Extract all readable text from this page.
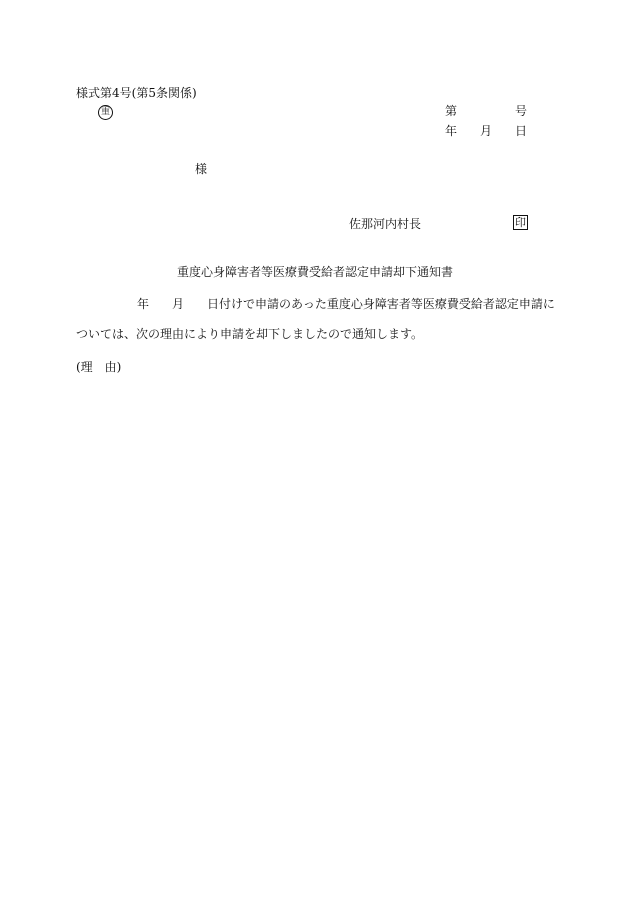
様式第4号(第5条関係)
重	第	号
年 月 日
様
佐那河内村長	印
重度心身障害者等医療費受給者認定申請却下通知書
年 月 日付けで申請のあった重度心身障害者等医療費受給者認定申請に
ついては、次の理由により申請を却下しましたので通知します。
(理　由)
